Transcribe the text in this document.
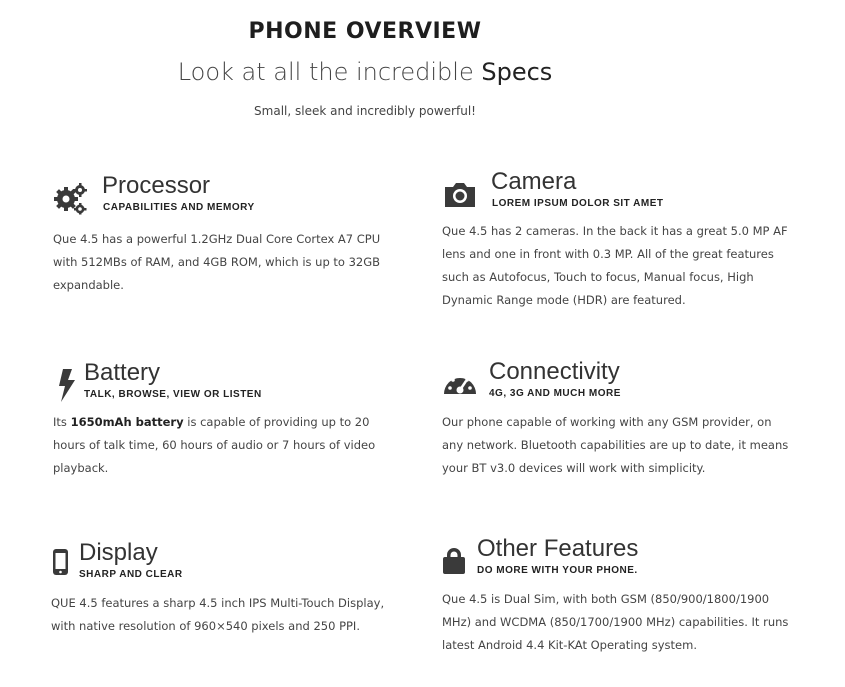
PHONE OVERVIEW
Look at all the incredible Specs
Small, sleek and incredibly powerful!
Processor
CAPABILITIES AND MEMORY
Que 4.5 has a powerful 1.2GHz Dual Core Cortex A7 CPU with 512MBs of RAM, and 4GB ROM, which is up to 32GB expandable.
Camera
LOREM IPSUM DOLOR SIT AMET
Que 4.5 has 2 cameras. In the back it has a great 5.0 MP AF lens and one in front with 0.3 MP. All of the great features such as Autofocus, Touch to focus, Manual focus, High Dynamic Range mode (HDR) are featured.
Battery
TALK, BROWSE, VIEW OR LISTEN
Its 1650mAh battery is capable of providing up to 20 hours of talk time, 60 hours of audio or 7 hours of video playback.
Connectivity
4G, 3G AND MUCH MORE
Our phone capable of working with any GSM provider, on any network. Bluetooth capabilities are up to date, it means your BT v3.0 devices will work with simplicity.
Display
SHARP AND CLEAR
QUE 4.5 features a sharp 4.5 inch IPS Multi-Touch Display, with native resolution of 960×540 pixels and 250 PPI.
Other Features
DO MORE WITH YOUR PHONE.
Que 4.5 is Dual Sim, with both GSM (850/900/1800/1900 MHz) and WCDMA (850/1700/1900 MHz) capabilities. It runs latest Android 4.4 Kit-KAt Operating system.
